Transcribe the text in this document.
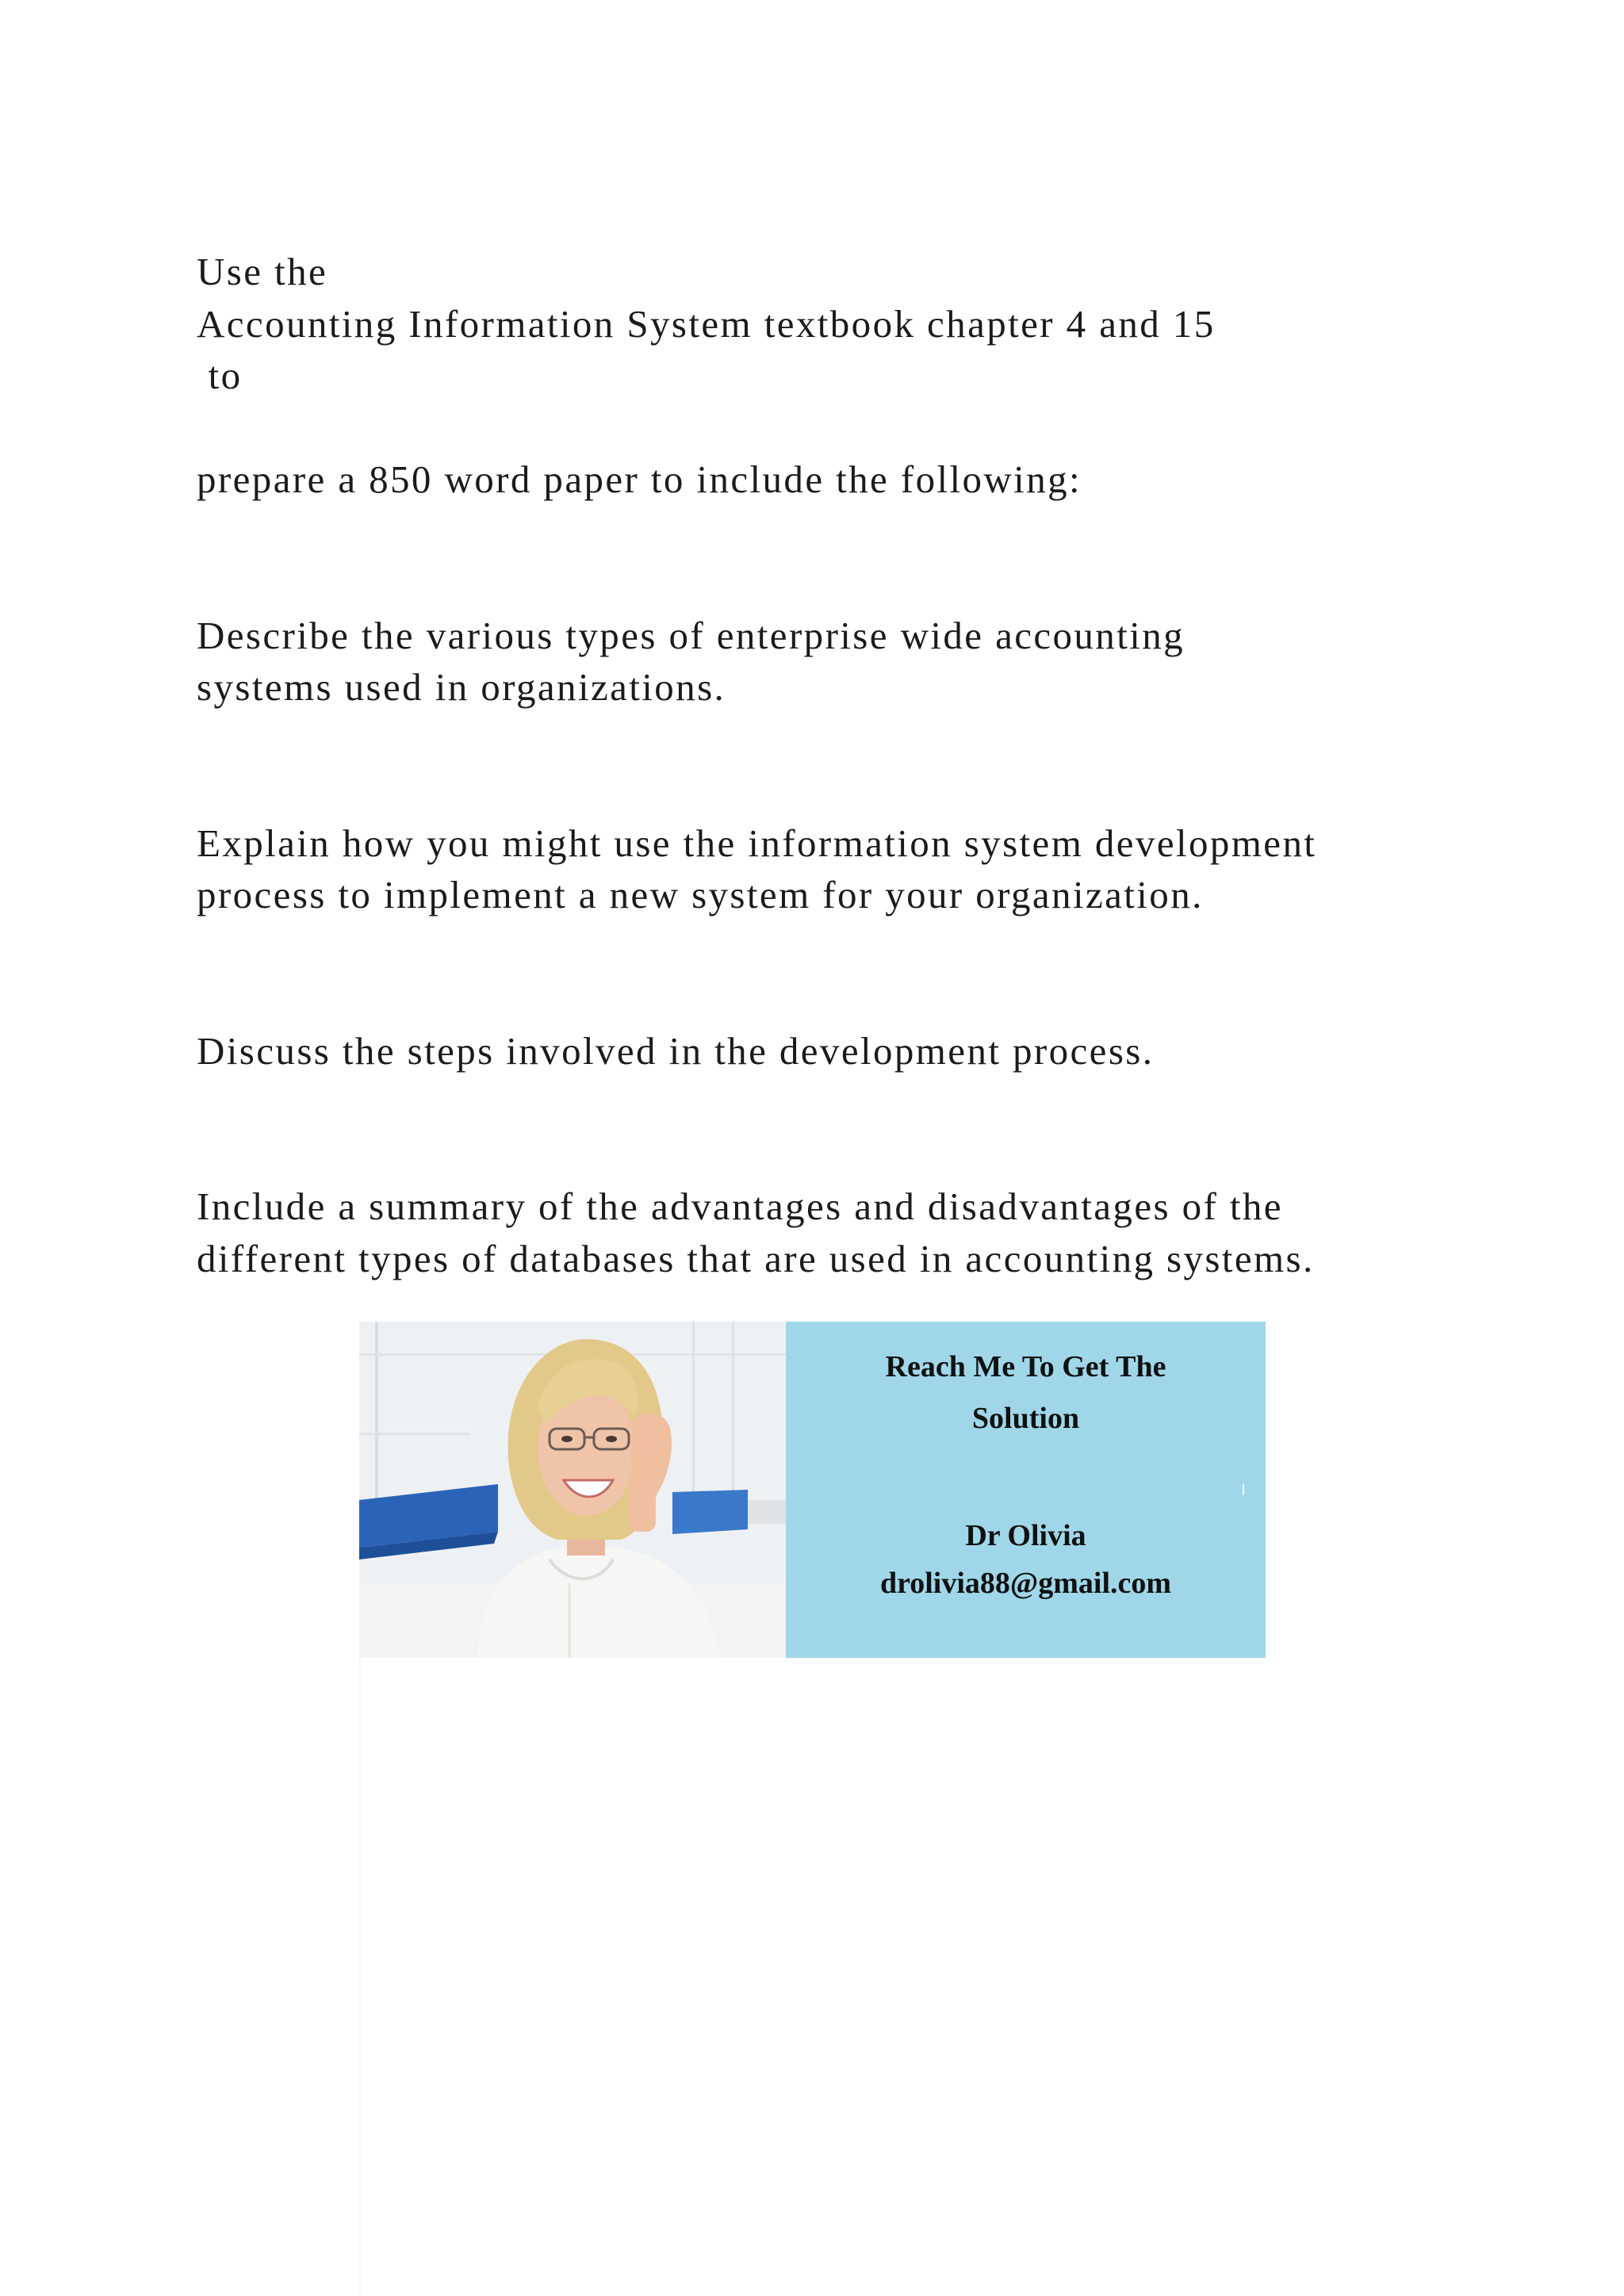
Use the
Accounting Information System textbook chapter 4 and 15
to
prepare a 850 word paper to include the following:
Describe the various types of enterprise wide accounting
systems used in organizations.
Explain how you might use the information system development
process to implement a new system for your organization.
Discuss the steps involved in the development process.
Include a summary of the advantages and disadvantages of the
different types of databases that are used in accounting systems.
Reach Me To Get The
Solution
Dr Olivia
drolivia88@gmail.com
